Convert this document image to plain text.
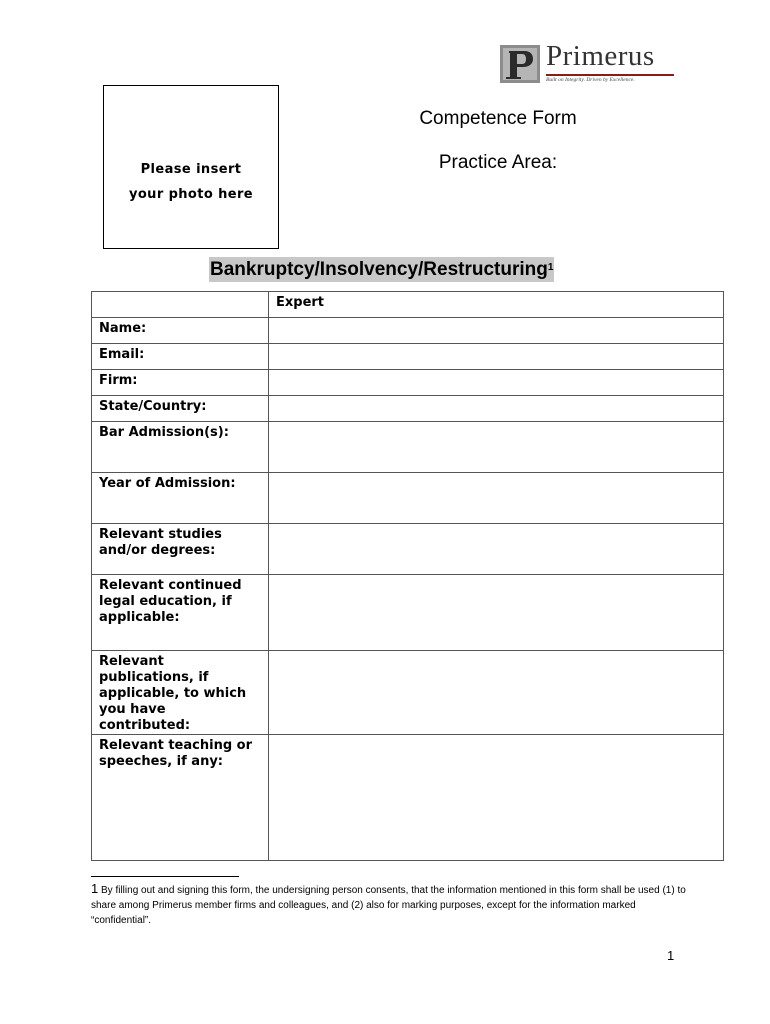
Primerus
Built on Integrity. Driven by Excellence.
Please insert
your photo here
Competence Form
Practice Area:
Bankruptcy/Insolvency/Restructuring$^1$
	Expert
Name:	
Email:	
Firm:	
State/Country:	
Bar Admission(s):	
Year of Admission:	
Relevant studies and/or degrees:	
Relevant continued legal education, if applicable:	
Relevant publications, if applicable, to which you have contributed:	
Relevant teaching or speeches, if any:	
1 By filling out and signing this form, the undersigning person consents, that the information mentioned in this form shall be used (1) to share among Primerus member firms and colleagues, and (2) also for marking purposes, except for the information marked “confidential”.
1
